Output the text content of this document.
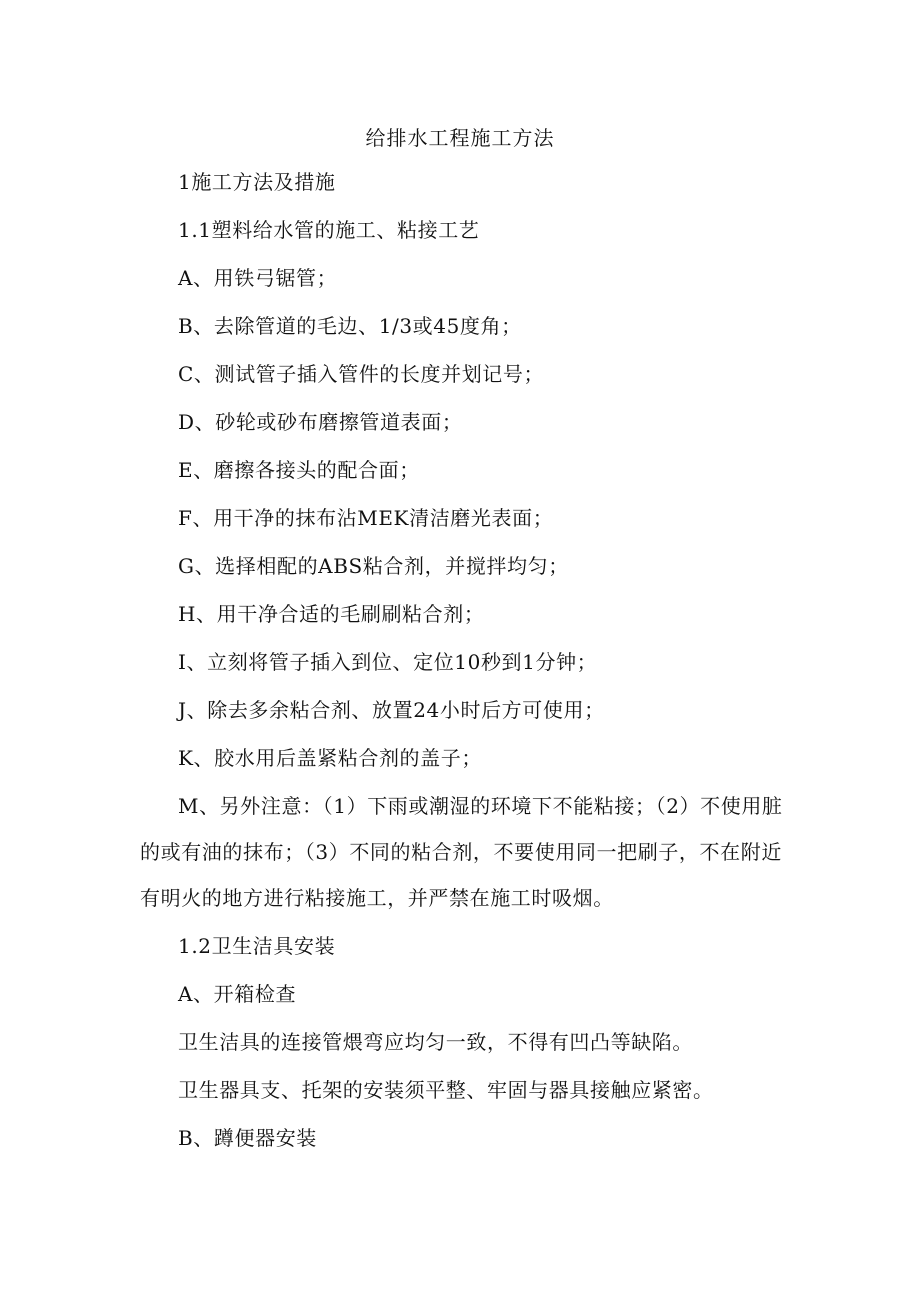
给排水工程施工方法

1施工方法及措施

1.1塑料给水管的施工、粘接工艺

A、用铁弓锯管；

B、去除管道的毛边、1/3或45度角；

C、测试管子插入管件的长度并划记号；

D、砂轮或砂布磨擦管道表面；

E、磨擦各接头的配合面；

F、用干净的抹布沾MEK清洁磨光表面；

G、选择相配的ABS粘合剂，并搅拌均匀；

H、用干净合适的毛刷刷粘合剂；

I、立刻将管子插入到位、定位10秒到1分钟；

J、除去多余粘合剂、放置24小时后方可使用；

K、胶水用后盖紧粘合剂的盖子；

M、另外注意：（1）下雨或潮湿的环境下不能粘接；（2）不使用脏的或有油的抹布；（3）不同的粘合剂，不要使用同一把刷子，不在附近有明火的地方进行粘接施工，并严禁在施工时吸烟。

1.2卫生洁具安装

A、开箱检查

卫生洁具的连接管煨弯应均匀一致，不得有凹凸等缺陷。

卫生器具支、托架的安装须平整、牢固与器具接触应紧密。

B、蹲便器安装
